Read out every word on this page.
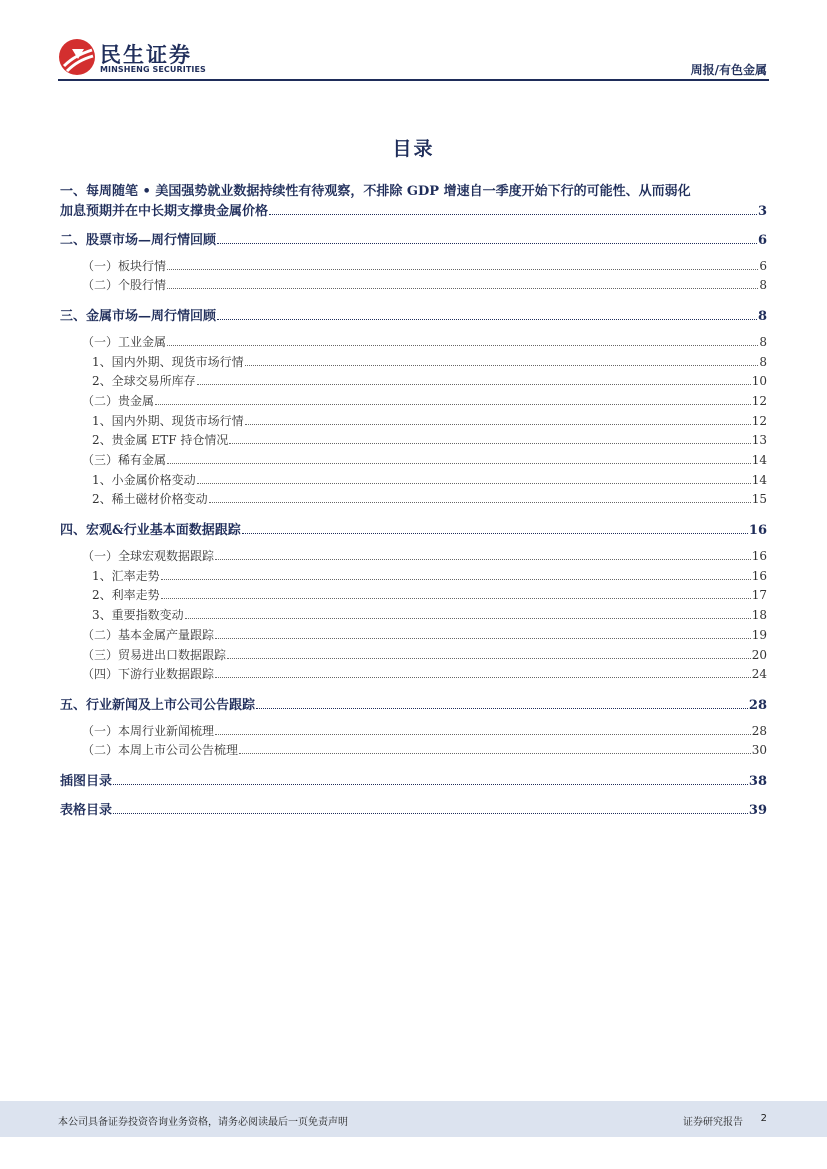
民生证券
MINSHENG SECURITIES	周报/有色金属
目录
一、每周随笔 • 美国强势就业数据持续性有待观察，不排除 GDP 增速自一季度开始下行的可能性、从而弱化
加息预期并在中长期支撑贵金属价格	3
二、股票市场—周行情回顾	6
（一）板块行情	6
（二）个股行情	8
三、金属市场—周行情回顾	8
（一）工业金属	8
1、国内外期、现货市场行情	8
2、全球交易所库存	10
（二）贵金属	12
1、国内外期、现货市场行情	12
2、贵金属 ETF 持仓情况	13
（三）稀有金属	14
1、小金属价格变动	14
2、稀土磁材价格变动	15
四、宏观&行业基本面数据跟踪	16
（一）全球宏观数据跟踪	16
1、汇率走势	16
2、利率走势	17
3、重要指数变动	18
（二）基本金属产量跟踪	19
（三）贸易进出口数据跟踪	20
（四）下游行业数据跟踪	24
五、行业新闻及上市公司公告跟踪	28
（一）本周行业新闻梳理	28
（二）本周上市公司公告梳理	30
插图目录	38
表格目录	39
本公司具备证券投资咨询业务资格，请务必阅读最后一页免责声明	证券研究报告 2
